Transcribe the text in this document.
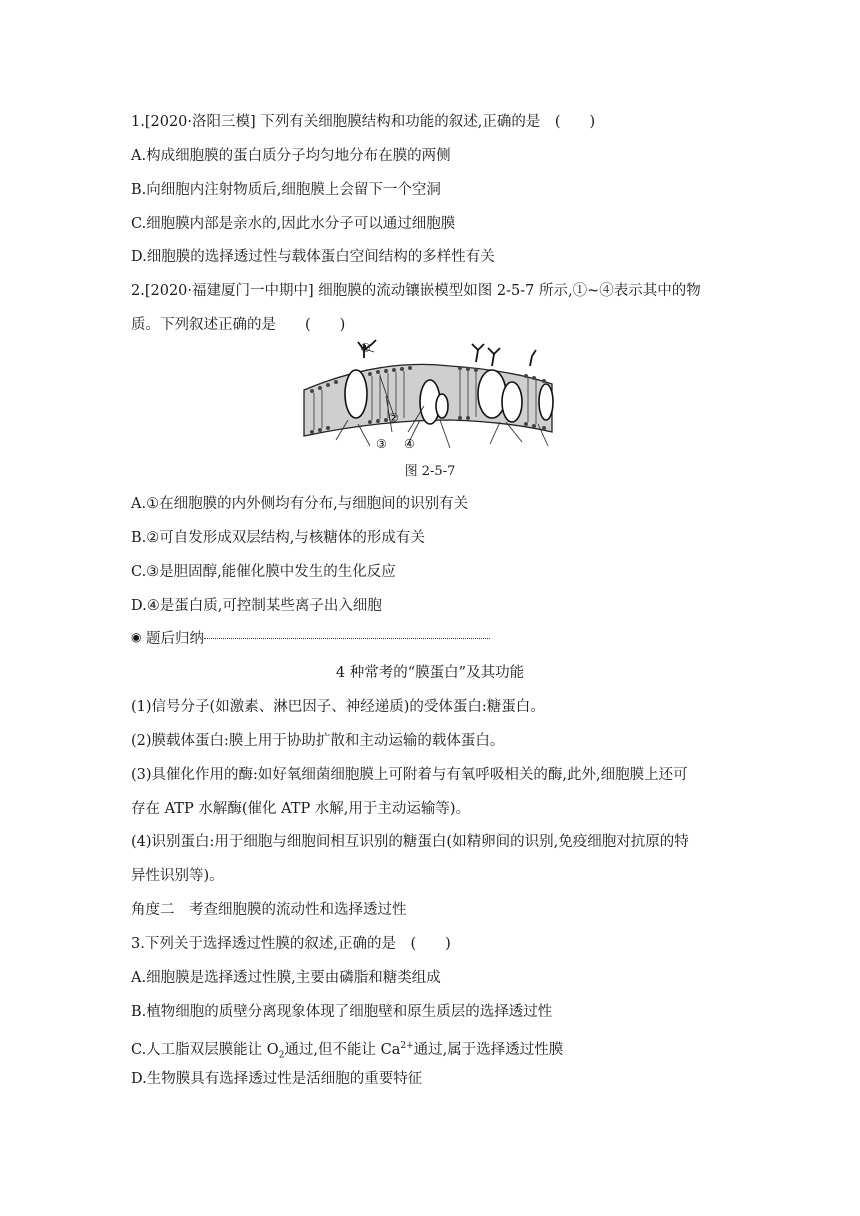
1.[2020·洛阳三模] 下列有关细胞膜结构和功能的叙述,正确的是　(　　)
A.构成细胞膜的蛋白质分子均匀地分布在膜的两侧
B.向细胞内注射物质后,细胞膜上会留下一个空洞
C.细胞膜内部是亲水的,因此水分子可以通过细胞膜
D.细胞膜的选择透过性与载体蛋白空间结构的多样性有关
2.[2020·福建厦门一中期中] 细胞膜的流动镶嵌模型如图 2-5-7 所示,①~④表示其中的物
质。下列叙述正确的是　　(　　)
①
②
③ ④
图 2-5-7
A.①在细胞膜的内外侧均有分布,与细胞间的识别有关
B.②可自发形成双层结构,与核糖体的形成有关
C.③是胆固醇,能催化膜中发生的生化反应
D.④是蛋白质,可控制某些离子出入细胞
◉ 题后归纳
4 种常考的“膜蛋白”及其功能
(1)信号分子(如激素、淋巴因子、神经递质)的受体蛋白:糖蛋白。
(2)膜载体蛋白:膜上用于协助扩散和主动运输的载体蛋白。
(3)具催化作用的酶:如好氧细菌细胞膜上可附着与有氧呼吸相关的酶,此外,细胞膜上还可
存在 ATP 水解酶(催化 ATP 水解,用于主动运输等)。
(4)识别蛋白:用于细胞与细胞间相互识别的糖蛋白(如精卵间的识别,免疫细胞对抗原的特
异性识别等)。
角度二　考查细胞膜的流动性和选择透过性
3.下列关于选择透过性膜的叙述,正确的是　(　　)
A.细胞膜是选择透过性膜,主要由磷脂和糖类组成
B.植物细胞的质壁分离现象体现了细胞壁和原生质层的选择透过性
C.人工脂双层膜能让 $O_2$通过,但不能让 $Ca^{2+}$通过,属于选择透过性膜
D.生物膜具有选择透过性是活细胞的重要特征
